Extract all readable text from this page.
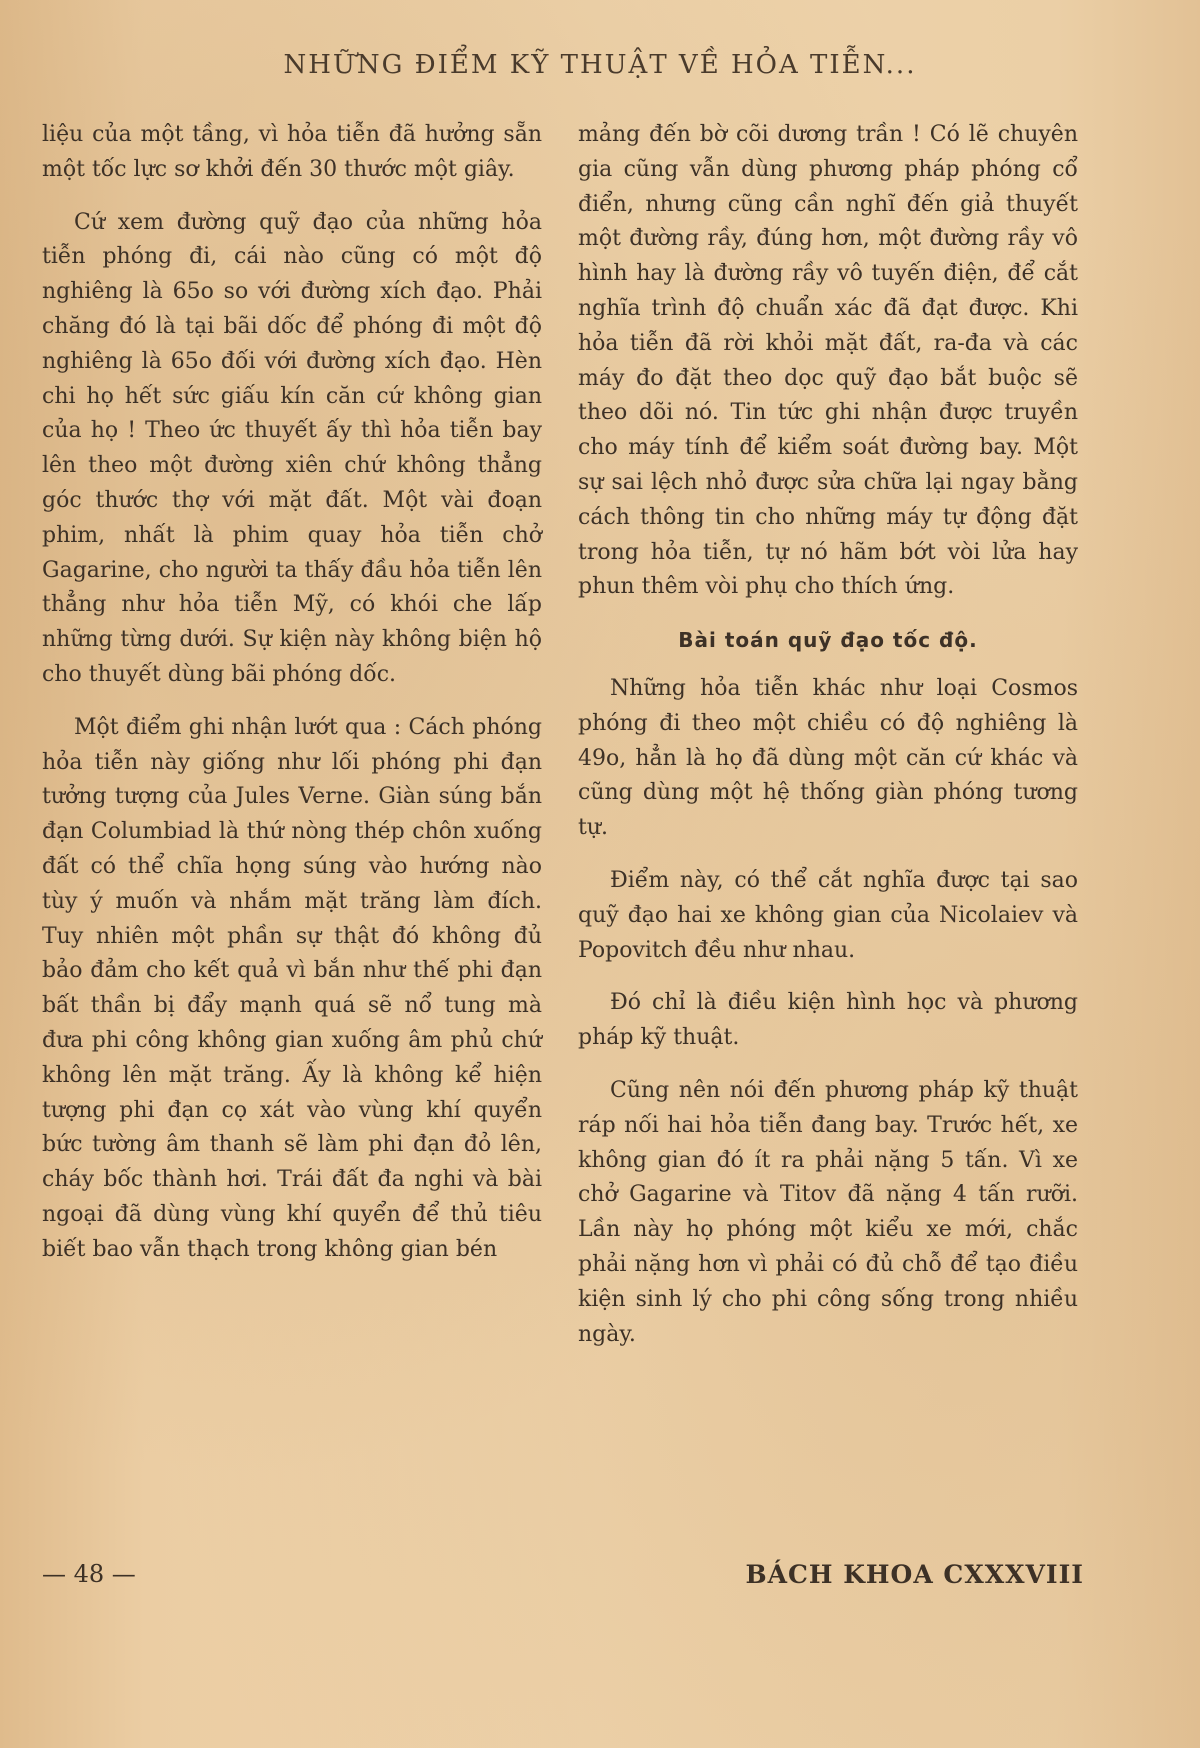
NHỮNG ĐIỂM KỸ THUẬT VỀ HỎA TIỄN...

liệu của một tầng, vì hỏa tiễn đã hưởng sẵn một tốc lực sơ khởi đến 30 thước một giây.

Cứ xem đường quỹ đạo của những hỏa tiễn phóng đi, cái nào cũng có một độ nghiêng là 65o so với đường xích đạo. Phải chăng đó là tại bãi dốc để phóng đi một độ nghiêng là 65o đối với đường xích đạo. Hèn chi họ hết sức giấu kín căn cứ không gian của họ ! Theo ức thuyết ấy thì hỏa tiễn bay lên theo một đường xiên chứ không thẳng góc thước thợ với mặt đất. Một vài đoạn phim, nhất là phim quay hỏa tiễn chở Gagarine, cho người ta thấy đầu hỏa tiễn lên thẳng như hỏa tiễn Mỹ, có khói che lấp những từng dưới. Sự kiện này không biện hộ cho thuyết dùng bãi phóng dốc.

Một điểm ghi nhận lướt qua : Cách phóng hỏa tiễn này giống như lối phóng phi đạn tưởng tượng của Jules Verne. Giàn súng bắn đạn Columbiad là thứ nòng thép chôn xuống đất có thể chĩa họng súng vào hướng nào tùy ý muốn và nhắm mặt trăng làm đích. Tuy nhiên một phần sự thật đó không đủ bảo đảm cho kết quả vì bắn như thế phi đạn bất thần bị đẩy mạnh quá sẽ nổ tung mà đưa phi công không gian xuống âm phủ chứ không lên mặt trăng. Ấy là không kể hiện tượng phi đạn cọ xát vào vùng khí quyển bức tường âm thanh sẽ làm phi đạn đỏ lên, cháy bốc thành hơi. Trái đất đa nghi và bài ngoại đã dùng vùng khí quyển để thủ tiêu biết bao vẫn thạch trong không gian bén

mảng đến bờ cõi dương trần ! Có lẽ chuyên gia cũng vẫn dùng phương pháp phóng cổ điển, nhưng cũng cần nghĩ đến giả thuyết một đường rầy, đúng hơn, một đường rầy vô hình hay là đường rầy vô tuyến điện, để cắt nghĩa trình độ chuẩn xác đã đạt được. Khi hỏa tiễn đã rời khỏi mặt đất, ra-đa và các máy đo đặt theo dọc quỹ đạo bắt buộc sẽ theo dõi nó. Tin tức ghi nhận được truyền cho máy tính để kiểm soát đường bay. Một sự sai lệch nhỏ được sửa chữa lại ngay bằng cách thông tin cho những máy tự động đặt trong hỏa tiễn, tự nó hãm bớt vòi lửa hay phun thêm vòi phụ cho thích ứng.

Bài toán quỹ đạo tốc độ.

Những hỏa tiễn khác như loại Cosmos phóng đi theo một chiều có độ nghiêng là 49o, hẳn là họ đã dùng một căn cứ khác và cũng dùng một hệ thống giàn phóng tương tự.

Điểm này, có thể cắt nghĩa được tại sao quỹ đạo hai xe không gian của Nicolaiev và Popovitch đều như nhau.

Đó chỉ là điều kiện hình học và phương pháp kỹ thuật.

Cũng nên nói đến phương pháp kỹ thuật ráp nối hai hỏa tiễn đang bay. Trước hết, xe không gian đó ít ra phải nặng 5 tấn. Vì xe chở Gagarine và Titov đã nặng 4 tấn rưỡi. Lần này họ phóng một kiểu xe mới, chắc phải nặng hơn vì phải có đủ chỗ để tạo điều kiện sinh lý cho phi công sống trong nhiều ngày.

— 48 —	BÁCH KHOA CXXXVIII
